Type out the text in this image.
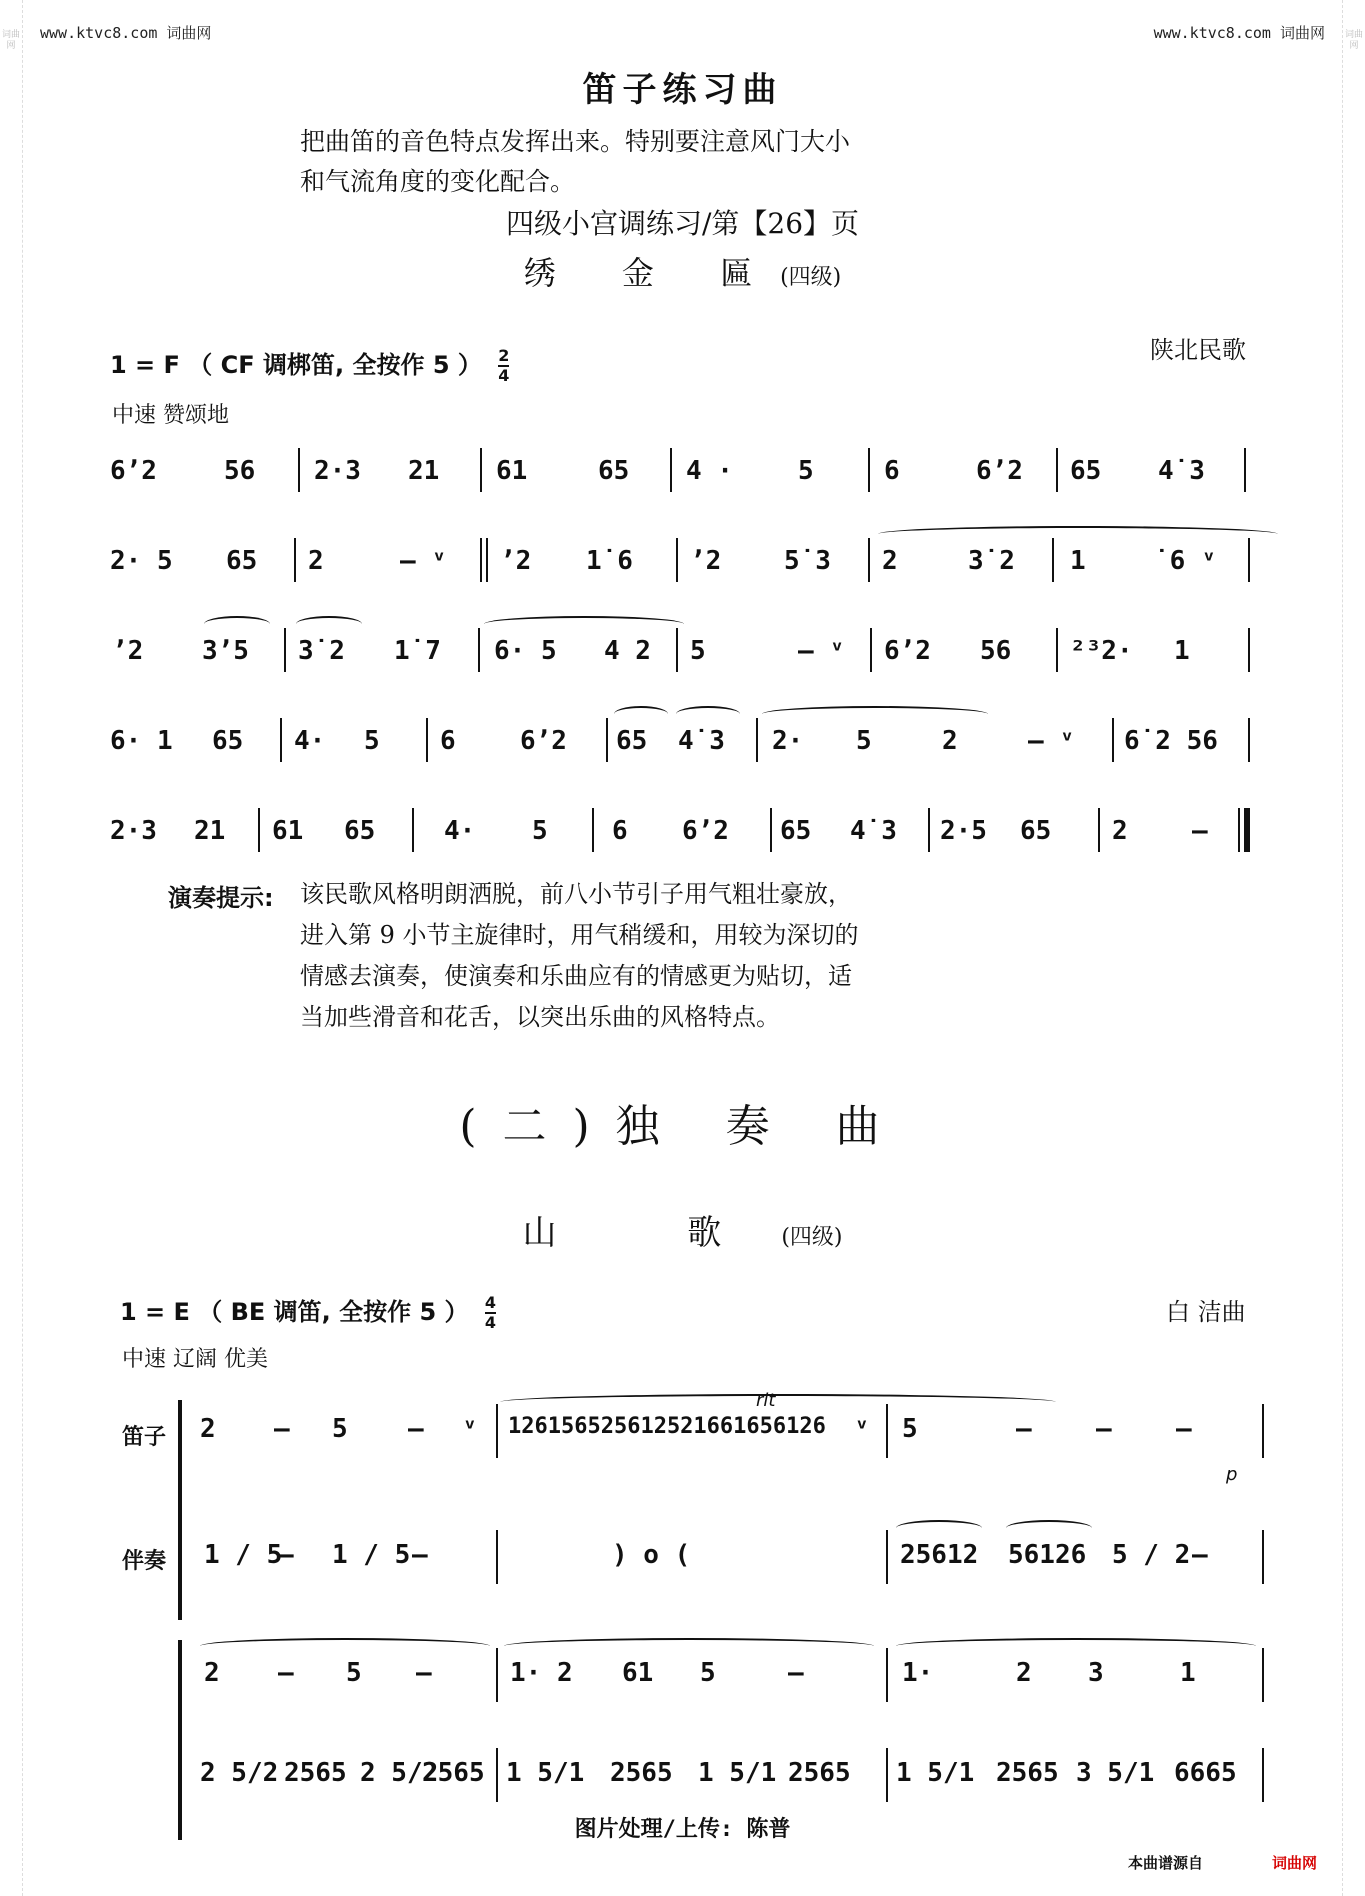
词曲网
词曲网
www.ktvc8.com 词曲网	www.ktvc8.com 词曲网
笛子练习曲
把曲笛的音色特点发挥出来。特别要注意风门大小
和气流角度的变化配合。
四级小宫调练习/第【26】页
绣 金 匾(四级)
1 = F （ CF 调梆笛, 全按作 5 ） $\frac{2}{4}$	陕北民歌
中速 赞颂地
6ʼ2	56 2·3 21 61	65 4 ·	5	6	6ʼ2 65 4˙3
2· 5 65 2	– ᵛ ʼ2 1˙6 ʼ2 5˙3 2	3˙2 1	˙6 ᵛ
ʼ2 3ʼ5 3˙2 1˙7 6· 5 4 2 5	– ᵛ 6ʼ2 56 ²³2· 1
6· 1 65 4· 5 6 6ʼ2 65 4˙3 2· 5	2	– ᵛ 6˙2 56
2·3 21 61 65	4· 5 6 6ʼ2 65 4˙3 2·5 65 2 –
演奏提示: 该民歌风格明朗洒脱，前八小节引子用气粗壮豪放，
进入第 9 小节主旋律时，用气稍缓和，用较为深切的
情感去演奏，使演奏和乐曲应有的情感更为贴切，适
当加些滑音和花舌，以突出乐曲的风格特点。
(二)独 奏 曲
山 歌(四级)
1 = E （ BE 调笛, 全按作 5 ） $\frac{4}{4}$	白 洁曲
中速 辽阔 优美
笛子
伴奏
2 – 5 – ᵛ
rit
126156525612521661656126 ᵛ 5	– – –
p
1 / 5
– 1 / 5 –	) o (	25612 56126 5 / 2 –
2 – 5 –	1· 2 61 5	–	1·	2 3	1
2 5/2 2565 2 5/2
2565 1 5/1 2565 1 5/1 2565 1 5/1 2565 3 5/1 6665
图片处理/上传: 陈普
本曲谱源自	词曲网
